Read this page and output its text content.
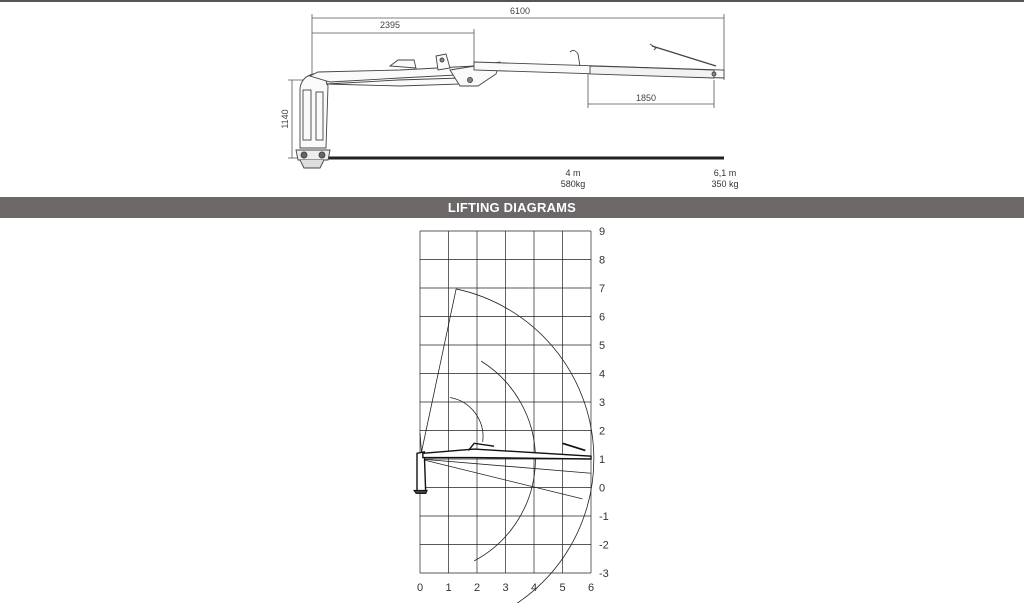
6100
2395
1850
1140
4 m
580kg
6,1 m
350 kg
LIFTING DIAGRAMS
0 1 2 3 4 5 6
9
8
7
6
5
4
3
2
1
0
-1
-2
-3
